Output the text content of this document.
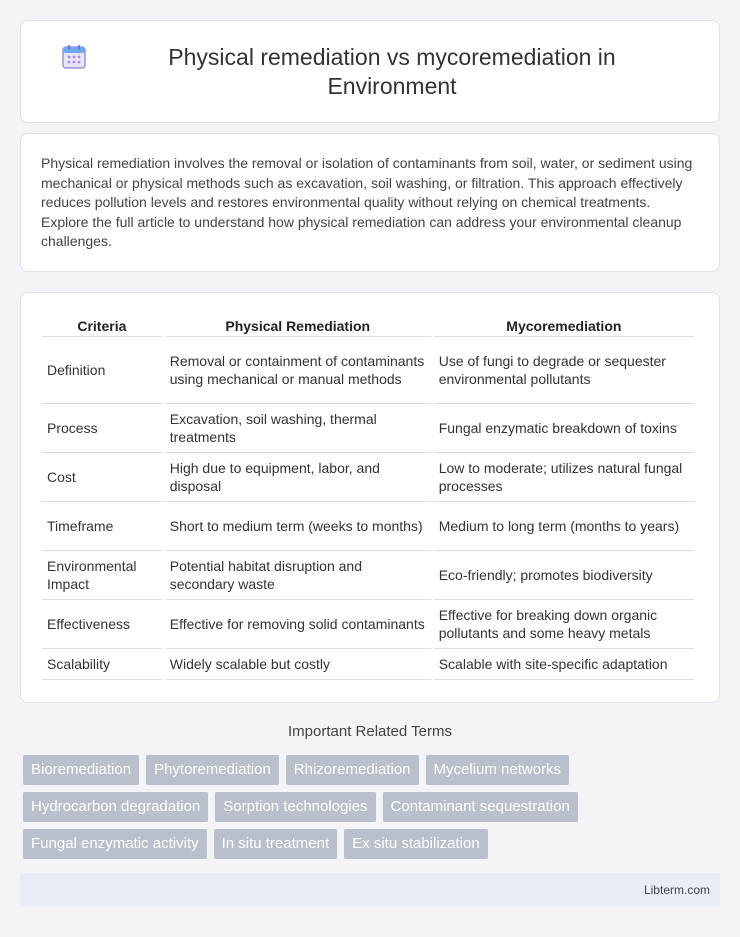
Physical remediation vs mycoremediation in Environment

Physical remediation involves the removal or isolation of contaminants from soil, water, or sediment using mechanical or physical methods such as excavation, soil washing, or filtration. This approach effectively reduces pollution levels and restores environmental quality without relying on chemical treatments. Explore the full article to understand how physical remediation can address your environmental cleanup challenges.

Criteria	Physical Remediation	Mycoremediation
Definition	Removal or containment of contaminants using mechanical or manual methods	Use of fungi to degrade or sequester environmental pollutants
Process	Excavation, soil washing, thermal treatments	Fungal enzymatic breakdown of toxins
Cost	High due to equipment, labor, and disposal	Low to moderate; utilizes natural fungal processes
Timeframe	Short to medium term (weeks to months)	Medium to long term (months to years)
Environmental Impact	Potential habitat disruption and secondary waste	Eco-friendly; promotes biodiversity
Effectiveness	Effective for removing solid contaminants	Effective for breaking down organic pollutants and some heavy metals
Scalability	Widely scalable but costly	Scalable with site-specific adaptation
Important Related Terms
Bioremediation	Phytoremediation	Rhizoremediation	Mycelium networks
Hydrocarbon degradation	Sorption technologies	Contaminant sequestration
Fungal enzymatic activity	In situ treatment	Ex situ stabilization
Libterm.com
